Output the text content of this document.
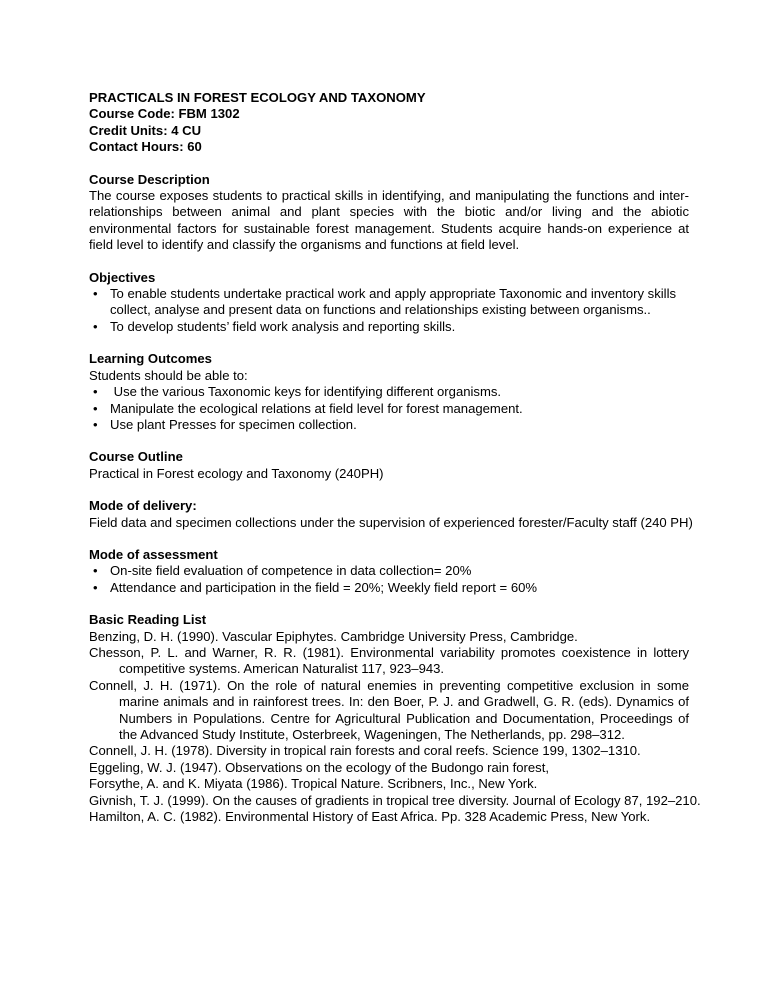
PRACTICALS IN FOREST ECOLOGY AND TAXONOMY

Course Code: FBM 1302

Credit Units: 4 CU

Contact Hours: 60

Course Description

The course exposes students to practical skills in identifying, and manipulating the functions and inter-relationships between animal and plant species with the biotic and/or living and the abiotic environmental factors for sustainable forest management. Students acquire hands-on experience at field level to identify and classify the organisms and functions at field level.

Objectives

• To enable students undertake practical work and apply appropriate Taxonomic and inventory skills collect, analyse and present data on functions and relationships existing between organisms..
• To develop students’ field work analysis and reporting skills.

Learning Outcomes

Students should be able to:

•  Use the various Taxonomic keys for identifying different organisms.
• Manipulate the ecological relations at field level for forest management.
• Use plant Presses for specimen collection.

Course Outline

Practical in Forest ecology and Taxonomy (240PH)

Mode of delivery:

Field data and specimen collections under the supervision of experienced forester/Faculty staff (240 PH)

Mode of assessment

• On-site field evaluation of competence in data collection= 20%
• Attendance and participation in the field = 20%; Weekly field report = 60%

Basic Reading List

Benzing, D. H. (1990). Vascular Epiphytes. Cambridge University Press, Cambridge.

Chesson, P. L. and Warner, R. R. (1981). Environmental variability promotes coexistence in lottery competitive systems. American Naturalist 117, 923–943.

Connell, J. H. (1971). On the role of natural enemies in preventing competitive exclusion in some marine animals and in rainforest trees. In: den Boer, P. J. and Gradwell, G. R. (eds). Dynamics of Numbers in Populations. Centre for Agricultural Publication and Documentation, Proceedings of the Advanced Study Institute, Osterbreek, Wageningen, The Netherlands, pp. 298–312.

Connell, J. H. (1978). Diversity in tropical rain forests and coral reefs. Science 199, 1302–1310.

Eggeling, W. J. (1947). Observations on the ecology of the Budongo rain forest,

Forsythe, A. and K. Miyata (1986). Tropical Nature. Scribners, Inc., New York.

Givnish, T. J. (1999). On the causes of gradients in tropical tree diversity. Journal of Ecology 87, 192–210.

Hamilton, A. C. (1982). Environmental History of East Africa. Pp. 328 Academic Press, New York.
